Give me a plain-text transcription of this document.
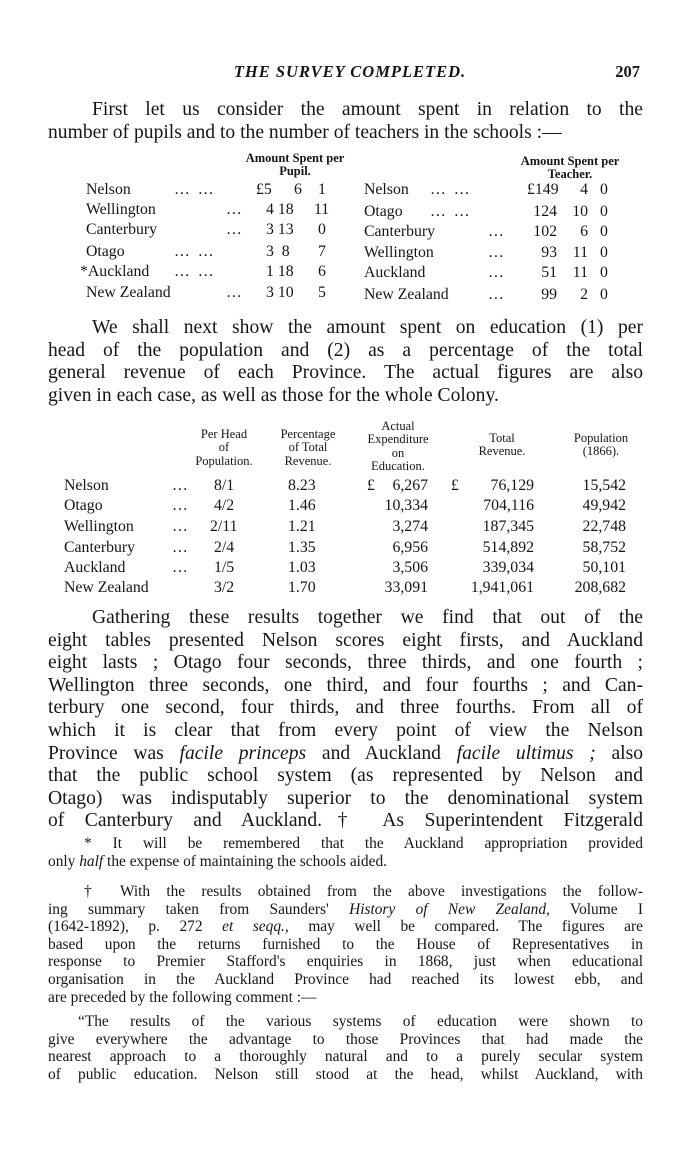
THE SURVEY COMPLETED.	207

First let us consider the amount spent in relation to the
number of pupils and to the number of teachers in the schools :—

Amount Spent per
Pupil.
Amount Spent per
Teacher.
Nelson	… …	£5 6 1
Wellington	… 4 18 11
Canterbury	… 3 13 0
Otago	… …	3  8 7
*Auckland … …	1 18 6
New Zealand	… 3 10 5
Nelson … …	£149	4 0
Otago … …	124 10 0
Canterbury	…	102	6 0
Wellington	…	93 11 0
Auckland	…	51 11 0
New Zealand …	99	2 0

We shall next show the amount spent on education (1) per
head of the population and (2) as a percentage of the total
general revenue of each Province. The actual figures are also
given in each case, as well as those for the whole Colony.

Per Head
of
Population.
Percentage
of Total
Revenue.
Actual
Expenditure
on
Education.
Total
Revenue.
Population
(1866).
Nelson	… 8/1	8.23	£	6,267 £	76,129	15,542
Otago	… 4/2	1.46	10,334	704,116	49,942
Wellington … 2/11	1.21	3,274	187,345	22,748
Canterbury … 2/4	1.35	6,956	514,892	58,752
Auckland	… 1/5	1.03	3,506	339,034	50,101
New Zealand	3/2	1.70	33,091	1,941,061	208,682

Gathering these results together we find that out of the
eight tables presented Nelson scores eight firsts, and Auckland
eight lasts ; Otago four seconds, three thirds, and one fourth ;
Wellington three seconds, one third, and four fourths ; and Can-
terbury one second, four thirds, and three fourths. From all of
which it is clear that from every point of view the Nelson
Province was facile princeps and Auckland facile ultimus ; also
that the public school system (as represented by Nelson and
Otago) was indisputably superior to the denominational system
of Canterbury and Auckland.† As Superintendent Fitzgerald

* It will be remembered that the Auckland appropriation provided
only half the expense of maintaining the schools aided.

† With the results obtained from the above investigations the follow-
ing summary taken from Saunders' History of New Zealand, Volume I
(1642-1892), p. 272 et seqq., may well be compared. The figures are
based upon the returns furnished to the House of Representatives in
response to Premier Stafford's enquiries in 1868, just when educational
organisation in the Auckland Province had reached its lowest ebb, and
are preceded by the following comment :—

“The results of the various systems of education were shown to
give everywhere the advantage to those Provinces that had made the
nearest approach to a thoroughly natural and to a purely secular system
of public education. Nelson still stood at the head, whilst Auckland, with
